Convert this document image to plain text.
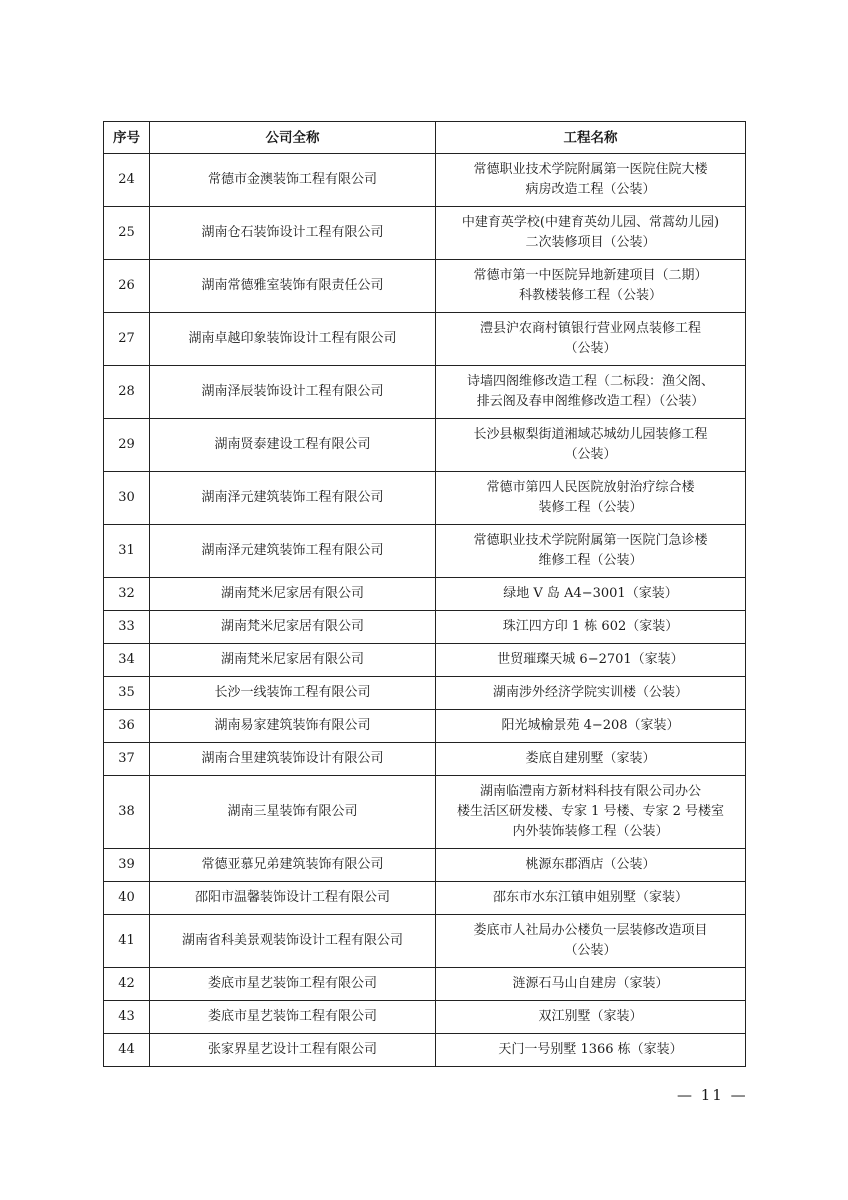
序号	公司全称	工程名称
24	常德市金澳装饰工程有限公司	常德职业技术学院附属第一医院住院大楼
病房改造工程（公装）

25	湖南仓石装饰设计工程有限公司	中建育英学校(中建育英幼儿园、常蒿幼儿园)
二次装修项目（公装）

26	湖南常德雅室装饰有限责任公司	常德市第一中医院异地新建项目（二期）
科教楼装修工程（公装）

27	湖南卓越印象装饰设计工程有限公司	澧县沪农商村镇银行营业网点装修工程
（公装）

28	湖南泽辰装饰设计工程有限公司	诗墙四阁维修改造工程（二标段：渔父阁、
排云阁及春申阁维修改造工程）（公装）

29	湖南贤泰建设工程有限公司	长沙县椒梨街道湘域芯城幼儿园装修工程
（公装）

30	湖南泽元建筑装饰工程有限公司	常德市第四人民医院放射治疗综合楼
装修工程（公装）

31	湖南泽元建筑装饰工程有限公司	常德职业技术学院附属第一医院门急诊楼
维修工程（公装）

32	湖南梵米尼家居有限公司	绿地 V 岛 A4−3001（家装）

33	湖南梵米尼家居有限公司	珠江四方印 1 栋 602（家装）

34	湖南梵米尼家居有限公司	世贸璀璨天城 6−2701（家装）

35	长沙一线装饰工程有限公司	湖南涉外经济学院实训楼（公装）

36	湖南易家建筑装饰有限公司	阳光城榆景苑 4−208（家装）

37	湖南合里建筑装饰设计有限公司	娄底自建别墅（家装）

38	湖南三星装饰有限公司	湖南临澧南方新材料科技有限公司办公
楼生活区研发楼、专家 1 号楼、专家 2 号楼室
内外装饰装修工程（公装）

39	常德亚慕兄弟建筑装饰有限公司	桃源东郡酒店（公装）

40	邵阳市温馨装饰设计工程有限公司	邵东市水东江镇申姐别墅（家装）

41	湖南省科美景观装饰设计工程有限公司	娄底市人社局办公楼负一层装修改造项目
（公装）

42	娄底市星艺装饰工程有限公司	涟源石马山自建房（家装）

43	娄底市星艺装饰工程有限公司	双江别墅（家装）

44	张家界星艺设计工程有限公司	天门一号别墅 1366 栋（家装）
— 11 —
